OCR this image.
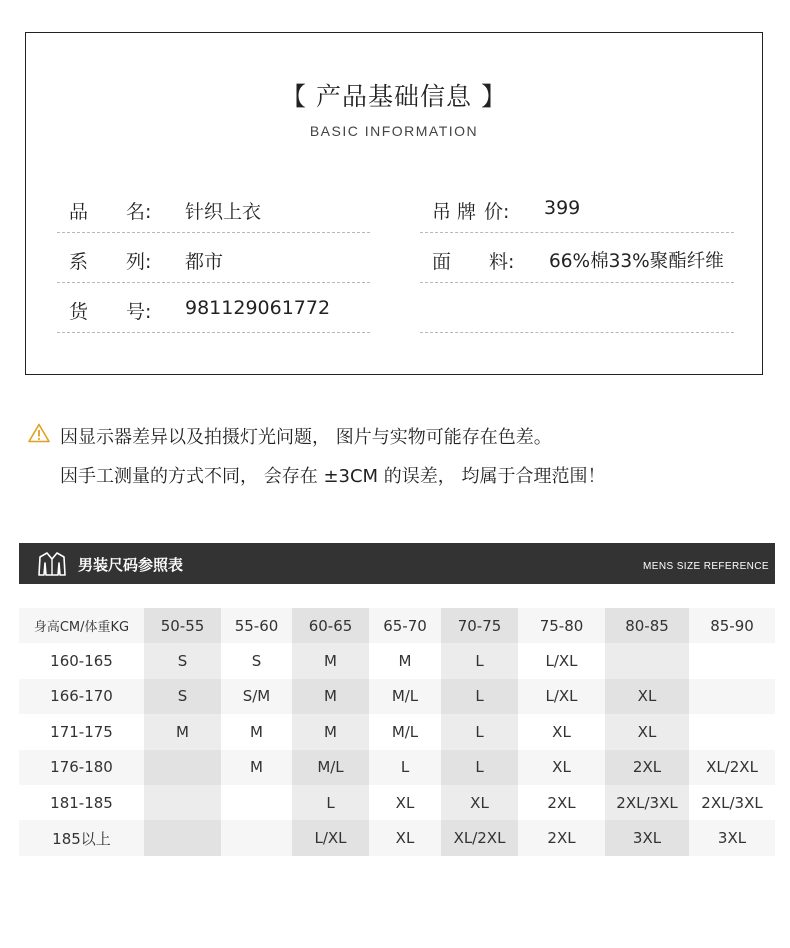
【 产品基础信息 】
BASIC INFORMATION
品 名: 针织上衣
系 列: 都市
货 号: 981129061772
吊 牌 价: 399
面 料: 66%棉33%聚酯纤维
因显示器差异以及拍摄灯光问题， 图片与实物可能存在色差。
因手工测量的方式不同， 会存在 ±3CM 的误差， 均属于合理范围！
男装尺码参照表	MENS SIZE REFERENCE
身高CM/体重KG	50-55	55-60	60-65	65-70	70-75	75-80	80-85	85-90
160-165	S	S	M	M	L	L/XL		
166-170	S	S/M	M	M/L	L	L/XL	XL	
171-175	M	M	M	M/L	L	XL	XL	
176-180		M	M/L	L	L	XL	2XL	XL/2XL
181-185			L	XL	XL	2XL	2XL/3XL	2XL/3XL
185以上			L/XL	XL	XL/2XL	2XL	3XL	3XL
